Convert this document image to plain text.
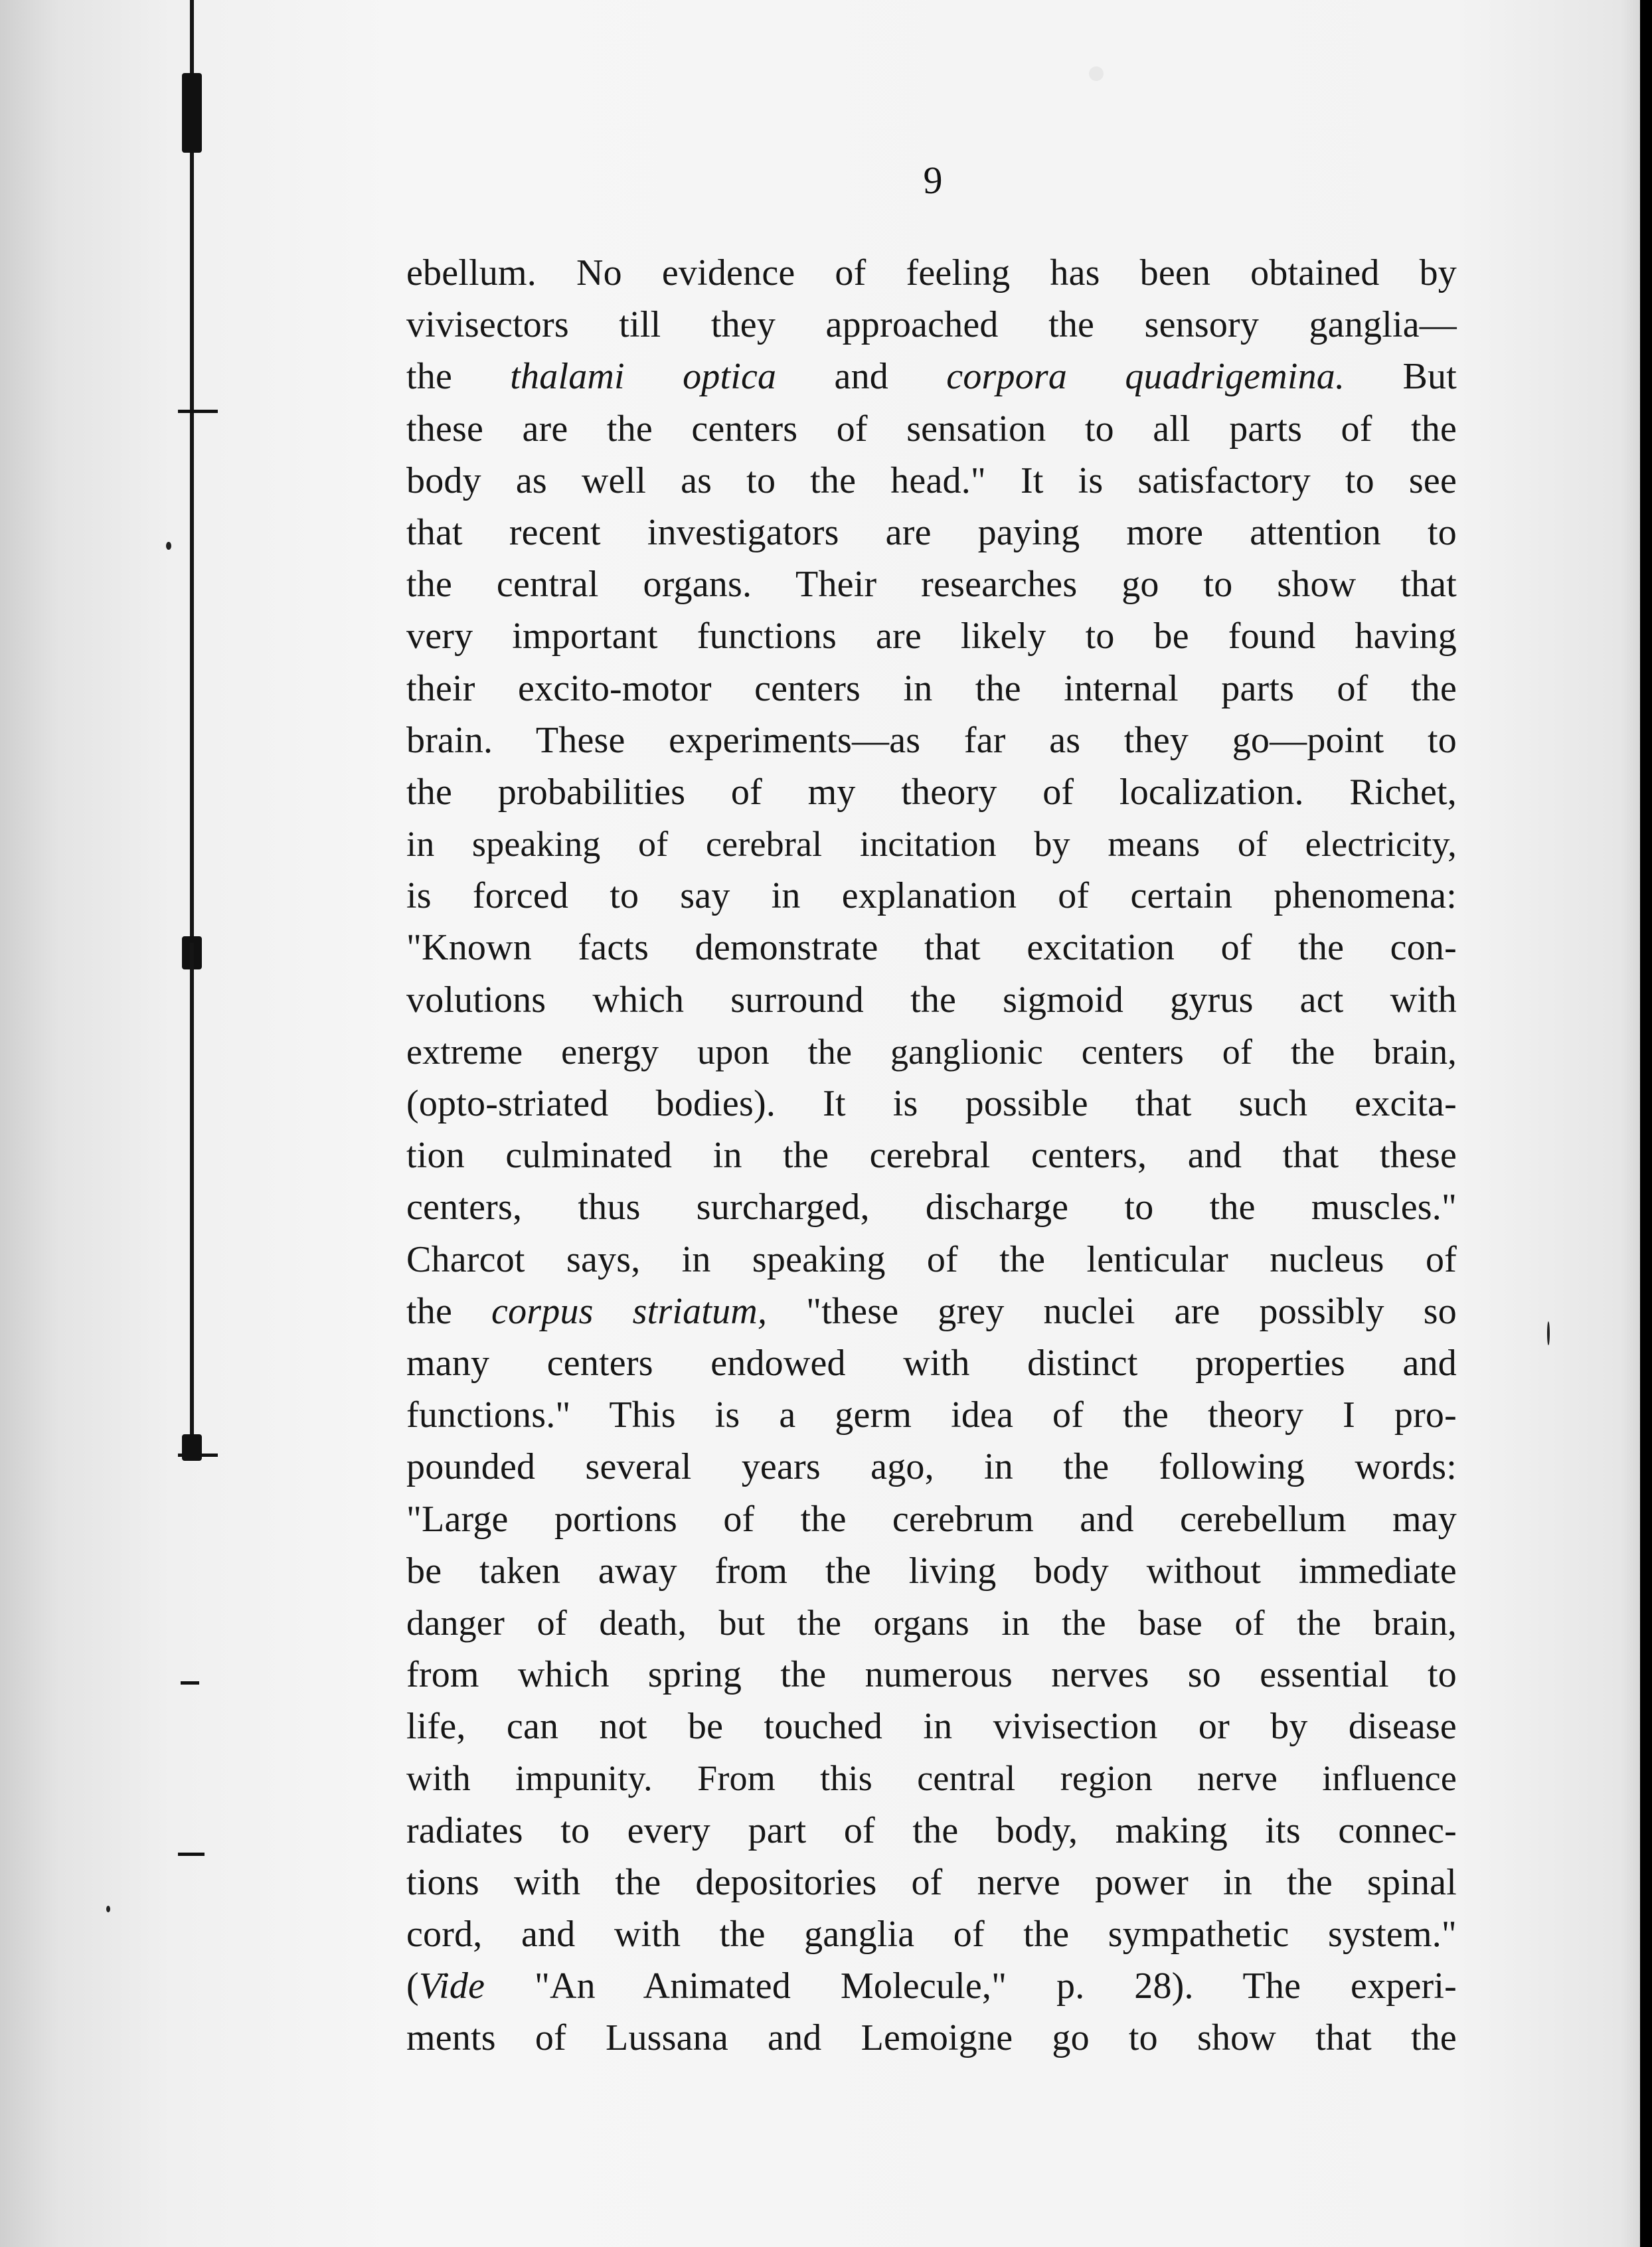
9
ebellum. No evidence of feeling has been obtained by
vivisectors till they approached the sensory ganglia—
the thalami optica and corpora quadrigemina. But
these are the centers of sensation to all parts of the
body as well as to the head." It is satisfactory to see
that recent investigators are paying more attention to
the central organs. Their researches go to show that
very important functions are likely to be found having
their excito-motor centers in the internal parts of the
brain. These experiments—as far as they go—point to
the probabilities of my theory of localization. Richet,
in speaking of cerebral incitation by means of electricity,
is forced to say in explanation of certain phenomena:
"Known facts demonstrate that excitation of the con-
volutions which surround the sigmoid gyrus act with
extreme energy upon the ganglionic centers of the brain,
(opto-striated bodies). It is possible that such excita-
tion culminated in the cerebral centers, and that these
centers, thus surcharged, discharge to the muscles."
Charcot says, in speaking of the lenticular nucleus of
the corpus striatum, "these grey nuclei are possibly so
many centers endowed with distinct properties and
functions." This is a germ idea of the theory I pro-
pounded several years ago, in the following words:
"Large portions of the cerebrum and cerebellum may
be taken away from the living body without immediate
danger of death, but the organs in the base of the brain,
from which spring the numerous nerves so essential to
life, can not be touched in vivisection or by disease
with impunity. From this central region nerve influence
radiates to every part of the body, making its connec-
tions with the depositories of nerve power in the spinal
cord, and with the ganglia of the sympathetic system."
(Vide "An Animated Molecule," p. 28). The experi-
ments of Lussana and Lemoigne go to show that the
